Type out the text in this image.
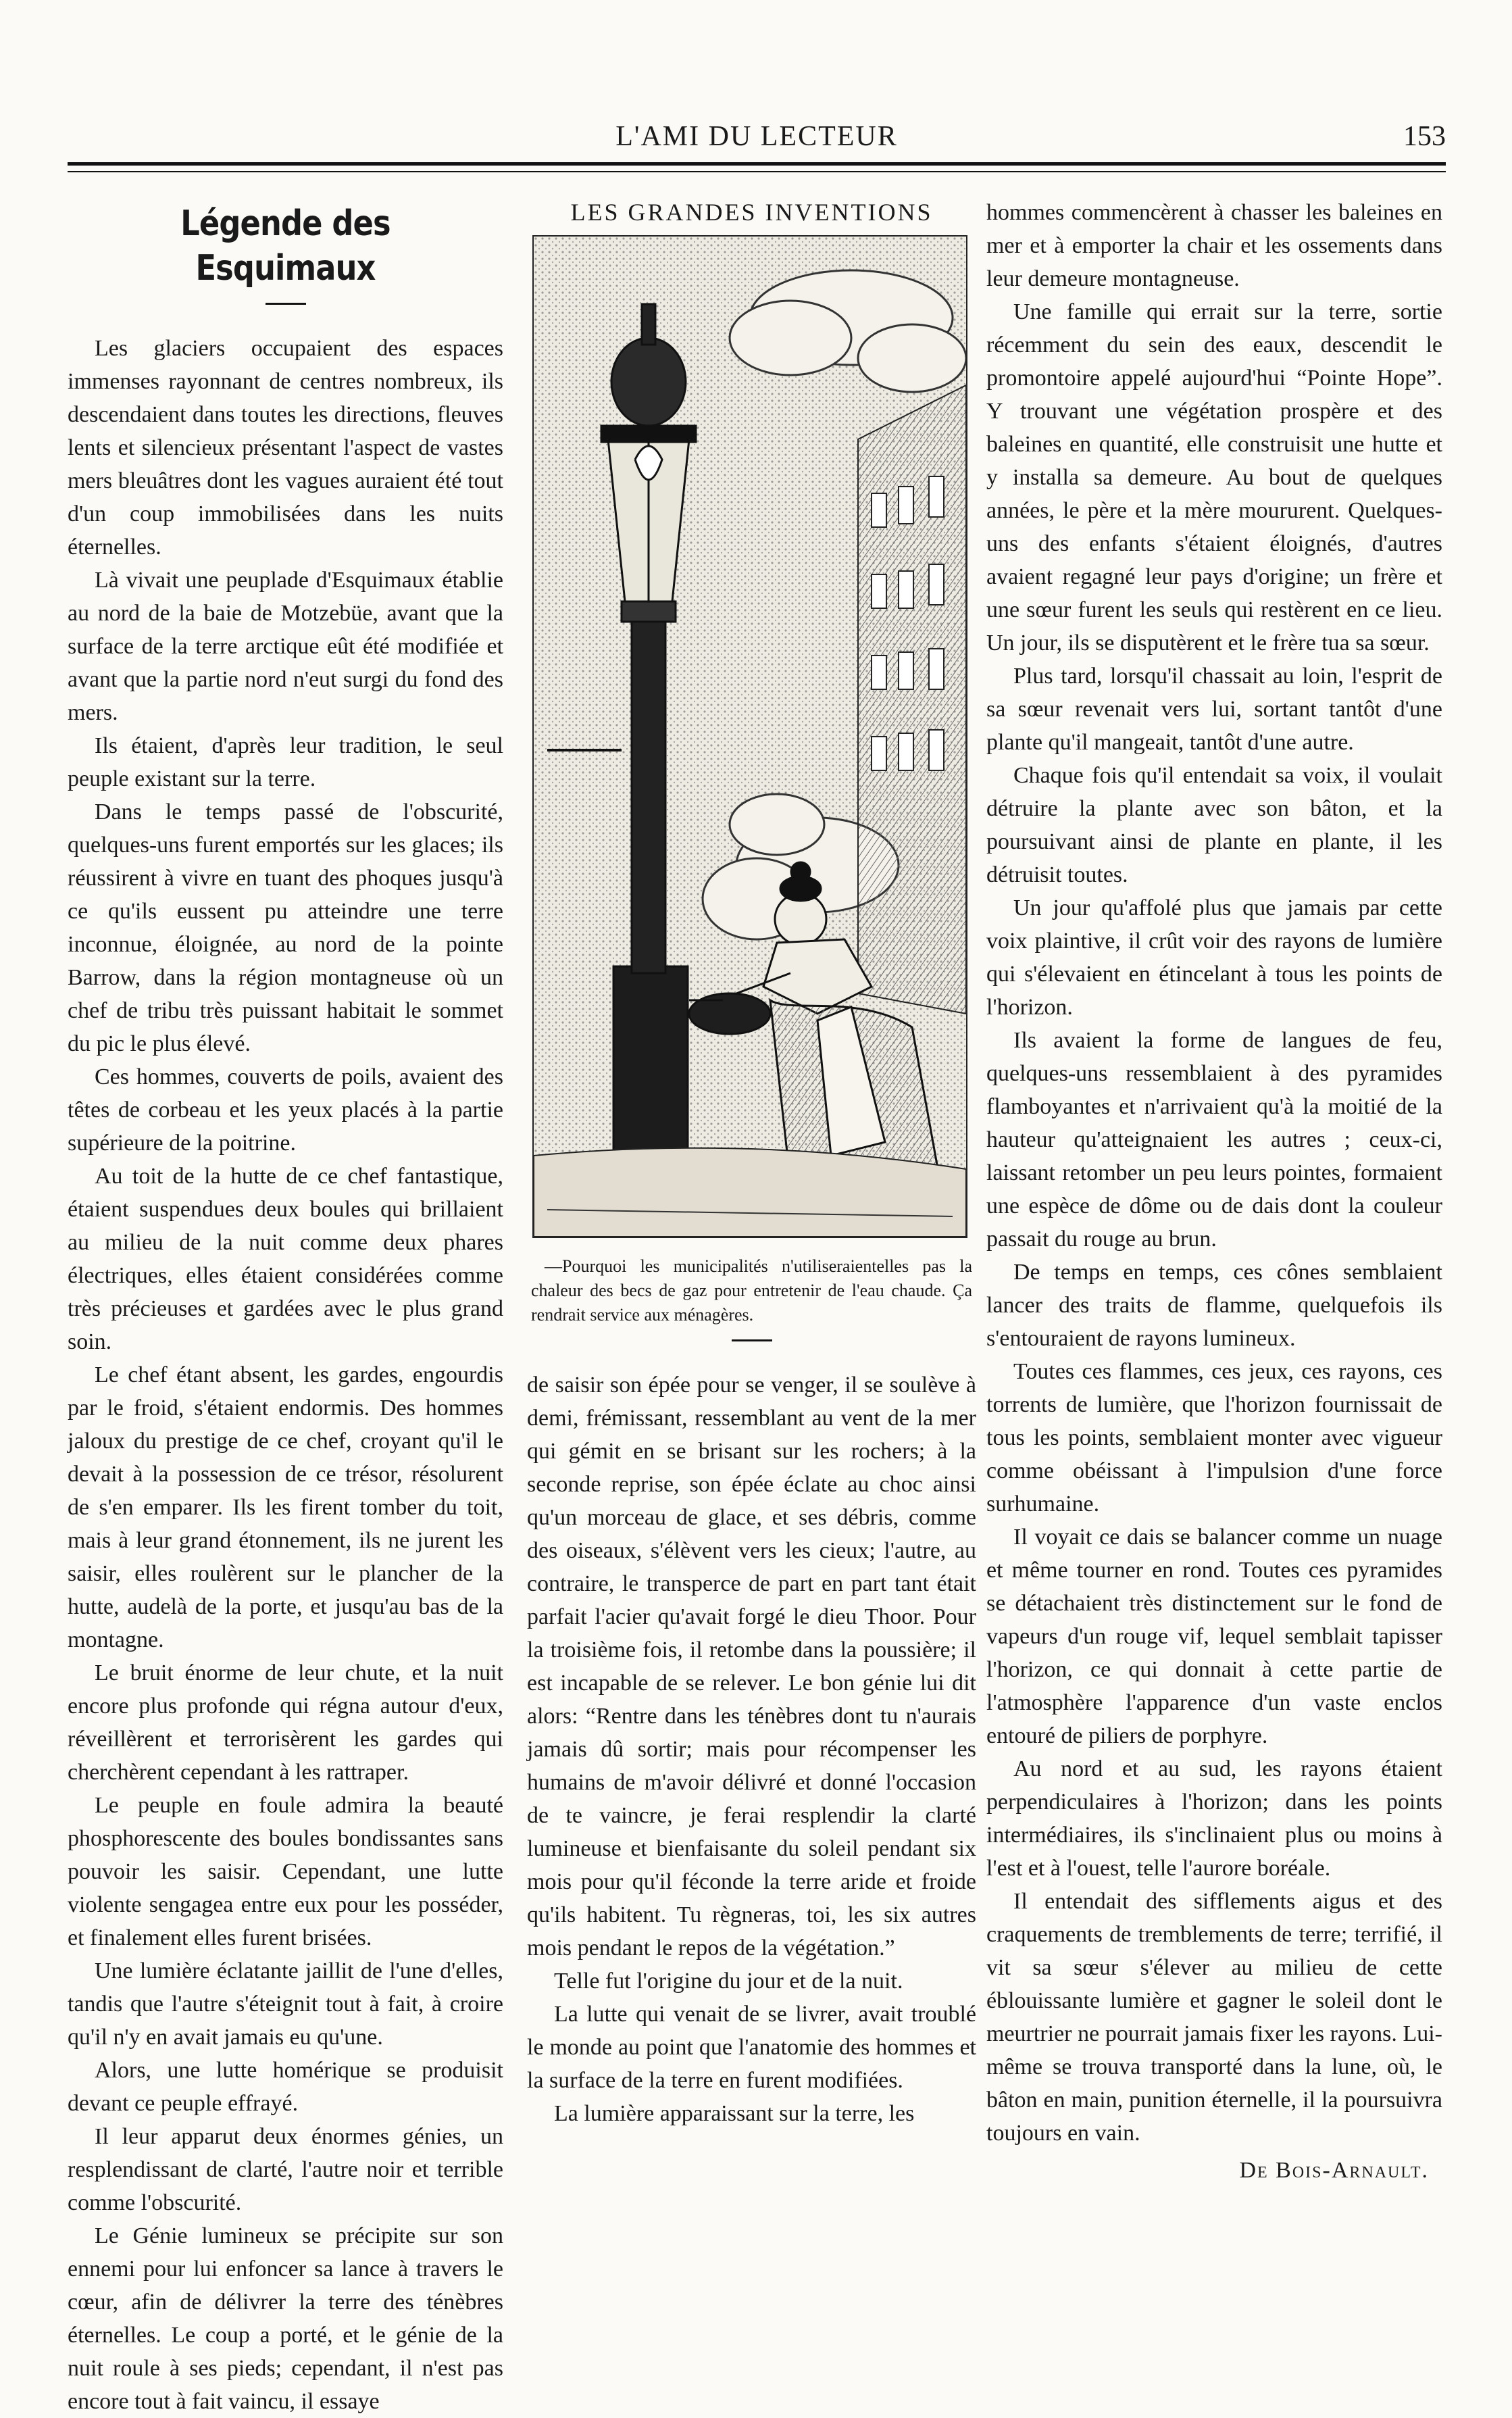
L'AMI DU LECTEUR	153
Légende des Esquimaux

Les glaciers occupaient des espaces immenses rayonnant de centres nombreux, ils descendaient dans toutes les directions, fleuves lents et silencieux présentant l'aspect de vastes mers bleuâtres dont les vagues auraient été tout d'un coup immobilisées dans les nuits éternelles.

Là vivait une peuplade d'Esquimaux établie au nord de la baie de Motzebüe, avant que la surface de la terre arctique eût été modifiée et avant que la partie nord n'eut surgi du fond des mers.

Ils étaient, d'après leur tradition, le seul peuple existant sur la terre.

Dans le temps passé de l'obscurité, quelques-uns furent emportés sur les glaces; ils réussirent à vivre en tuant des phoques jusqu'à ce qu'ils eussent pu atteindre une terre inconnue, éloignée, au nord de la pointe Barrow, dans la région montagneuse où un chef de tribu très puissant habitait le sommet du pic le plus élevé.

Ces hommes, couverts de poils, avaient des têtes de corbeau et les yeux placés à la partie supérieure de la poitrine.

Au toit de la hutte de ce chef fantastique, étaient suspendues deux boules qui brillaient au milieu de la nuit comme deux phares électriques, elles étaient considérées comme très précieuses et gardées avec le plus grand soin.

Le chef étant absent, les gardes, engourdis par le froid, s'étaient endormis. Des hommes jaloux du prestige de ce chef, croyant qu'il le devait à la possession de ce trésor, résolurent de s'en emparer. Ils les firent tomber du toit, mais à leur grand étonnement, ils ne jurent les saisir, elles roulèrent sur le plancher de la hutte, audelà de la porte, et jusqu'au bas de la montagne.

Le bruit énorme de leur chute, et la nuit encore plus profonde qui régna autour d'eux, réveillèrent et terrorisèrent les gardes qui cherchèrent cependant à les rattraper.

Le peuple en foule admira la beauté phosphorescente des boules bondissantes sans pouvoir les saisir. Cependant, une lutte violente sengagea entre eux pour les posséder, et finalement elles furent brisées.

Une lumière éclatante jaillit de l'une d'elles, tandis que l'autre s'éteignit tout à fait, à croire qu'il n'y en avait jamais eu qu'une.

Alors, une lutte homérique se produisit devant ce peuple effrayé.

Il leur apparut deux énormes génies, un resplendissant de clarté, l'autre noir et terrible comme l'obscurité.

Le Génie lumineux se précipite sur son ennemi pour lui enfoncer sa lance à travers le cœur, afin de délivrer la terre des ténèbres éternelles. Le coup a porté, et le génie de la nuit roule à ses pieds; cependant, il n'est pas encore tout à fait vaincu, il essaye

LES GRANDES INVENTIONS

—Pourquoi les municipalités n'utiliseraientelles pas la chaleur des becs de gaz pour entretenir de l'eau chaude. Ça rendrait service aux ménagères.

de saisir son épée pour se venger, il se soulève à demi, frémissant, ressemblant au vent de la mer qui gémit en se brisant sur les rochers; à la seconde reprise, son épée éclate au choc ainsi qu'un morceau de glace, et ses débris, comme des oiseaux, s'élèvent vers les cieux; l'autre, au contraire, le transperce de part en part tant était parfait l'acier qu'avait forgé le dieu Thoor. Pour la troisième fois, il retombe dans la poussière; il est incapable de se relever. Le bon génie lui dit alors: “Rentre dans les ténèbres dont tu n'aurais jamais dû sortir; mais pour récompenser les humains de m'avoir délivré et donné l'occasion de te vaincre, je ferai resplendir la clarté lumineuse et bienfaisante du soleil pendant six mois pour qu'il féconde la terre aride et froide qu'ils habitent. Tu règneras, toi, les six autres mois pendant le repos de la végétation.”

Telle fut l'origine du jour et de la nuit.

La lutte qui venait de se livrer, avait troublé le monde au point que l'anatomie des hommes et la surface de la terre en furent modifiées.

La lumière apparaissant sur la terre, les

hommes commencèrent à chasser les baleines en mer et à emporter la chair et les ossements dans leur demeure montagneuse.

Une famille qui errait sur la terre, sortie récemment du sein des eaux, descendit le promontoire appelé aujourd'hui “Pointe Hope”. Y trouvant une végétation prospère et des baleines en quantité, elle construisit une hutte et y installa sa demeure. Au bout de quelques années, le père et la mère moururent. Quelques-uns des enfants s'étaient éloignés, d'autres avaient regagné leur pays d'origine; un frère et une sœur furent les seuls qui restèrent en ce lieu. Un jour, ils se disputèrent et le frère tua sa sœur.

Plus tard, lorsqu'il chassait au loin, l'esprit de sa sœur revenait vers lui, sortant tantôt d'une plante qu'il mangeait, tantôt d'une autre.

Chaque fois qu'il entendait sa voix, il voulait détruire la plante avec son bâton, et la poursuivant ainsi de plante en plante, il les détruisit toutes.

Un jour qu'affolé plus que jamais par cette voix plaintive, il crût voir des rayons de lumière qui s'élevaient en étincelant à tous les points de l'horizon.

Ils avaient la forme de langues de feu, quelques-uns ressemblaient à des pyramides flamboyantes et n'arrivaient qu'à la moitié de la hauteur qu'atteignaient les autres ; ceux-ci, laissant retomber un peu leurs pointes, formaient une espèce de dôme ou de dais dont la couleur passait du rouge au brun.

De temps en temps, ces cônes semblaient lancer des traits de flamme, quelquefois ils s'entouraient de rayons lumineux.

Toutes ces flammes, ces jeux, ces rayons, ces torrents de lumière, que l'horizon fournissait de tous les points, semblaient monter avec vigueur comme obéissant à l'impulsion d'une force surhumaine.

Il voyait ce dais se balancer comme un nuage et même tourner en rond. Toutes ces pyramides se détachaient très distinctement sur le fond de vapeurs d'un rouge vif, lequel semblait tapisser l'horizon, ce qui donnait à cette partie de l'atmosphère l'apparence d'un vaste enclos entouré de piliers de porphyre.

Au nord et au sud, les rayons étaient perpendiculaires à l'horizon; dans les points intermédiaires, ils s'inclinaient plus ou moins à l'est et à l'ouest, telle l'aurore boréale.

Il entendait des sifflements aigus et des craquements de tremblements de terre; terrifié, il vit sa sœur s'élever au milieu de cette éblouissante lumière et gagner le soleil dont le meurtrier ne pourrait jamais fixer les rayons. Lui-même se trouva transporté dans la lune, où, le bâton en main, punition éternelle, il la poursuivra toujours en vain.

De Bois-Arnault.
